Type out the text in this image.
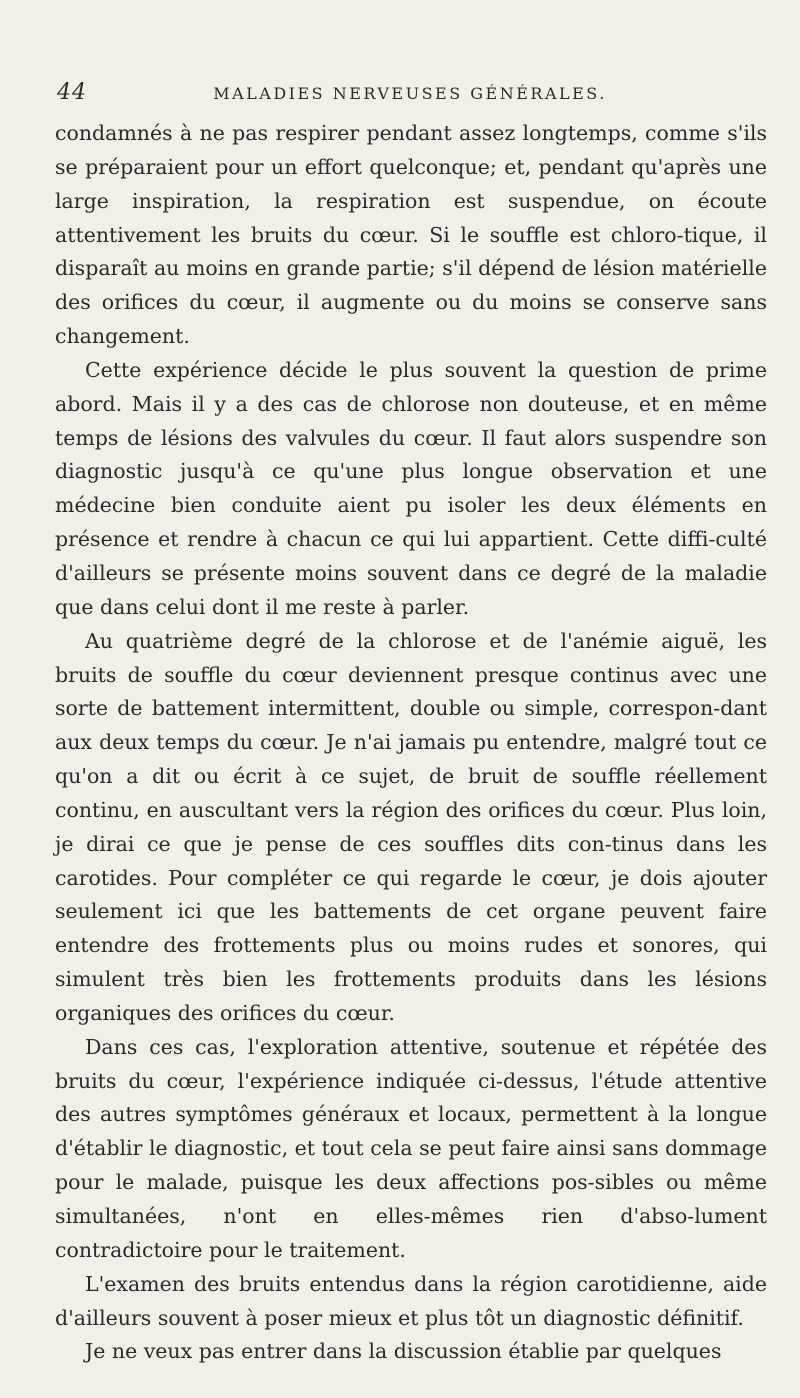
44	MALADIES NERVEUSES GÉNÉRALES.

condamnés à ne pas respirer pendant assez longtemps, comme s'ils se préparaient pour un effort quelconque; et, pendant qu'après une large inspiration, la respiration est suspendue, on écoute attentivement les bruits du cœur. Si le souffle est chloro-tique, il disparaît au moins en grande partie; s'il dépend de lésion matérielle des orifices du cœur, il augmente ou du moins se conserve sans changement.

Cette expérience décide le plus souvent la question de prime abord. Mais il y a des cas de chlorose non douteuse, et en même temps de lésions des valvules du cœur. Il faut alors suspendre son diagnostic jusqu'à ce qu'une plus longue observation et une médecine bien conduite aient pu isoler les deux éléments en présence et rendre à chacun ce qui lui appartient. Cette diffi-culté d'ailleurs se présente moins souvent dans ce degré de la maladie que dans celui dont il me reste à parler.

Au quatrième degré de la chlorose et de l'anémie aiguë, les bruits de souffle du cœur deviennent presque continus avec une sorte de battement intermittent, double ou simple, correspon-dant aux deux temps du cœur. Je n'ai jamais pu entendre, malgré tout ce qu'on a dit ou écrit à ce sujet, de bruit de souffle réellement continu, en auscultant vers la région des orifices du cœur. Plus loin, je dirai ce que je pense de ces souffles dits con-tinus dans les carotides. Pour compléter ce qui regarde le cœur, je dois ajouter seulement ici que les battements de cet organe peuvent faire entendre des frottements plus ou moins rudes et sonores, qui simulent très bien les frottements produits dans les lésions organiques des orifices du cœur.

Dans ces cas, l'exploration attentive, soutenue et répétée des bruits du cœur, l'expérience indiquée ci-dessus, l'étude attentive des autres symptômes généraux et locaux, permettent à la longue d'établir le diagnostic, et tout cela se peut faire ainsi sans dommage pour le malade, puisque les deux affections pos-sibles ou même simultanées, n'ont en elles-mêmes rien d'abso-lument contradictoire pour le traitement.

L'examen des bruits entendus dans la région carotidienne, aide d'ailleurs souvent à poser mieux et plus tôt un diagnostic définitif.

Je ne veux pas entrer dans la discussion établie par quelques
